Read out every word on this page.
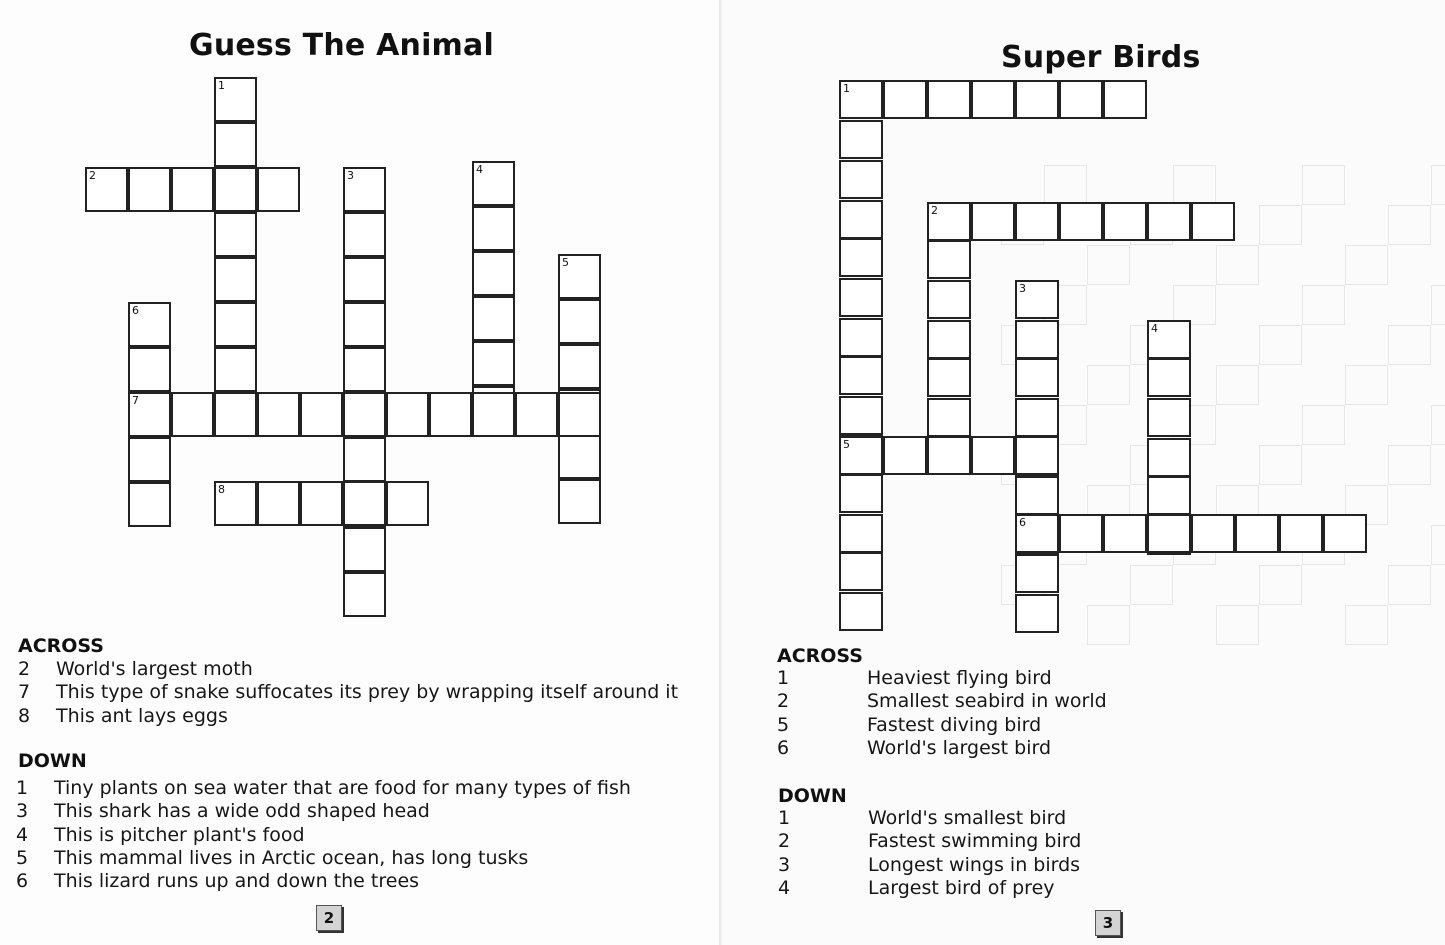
Guess The Animal
1
2	3	4
5
6
7
8
ACROSS
2 World's largest moth
7 This type of snake suffocates its prey by wrapping itself around it
8 This ant lays eggs
DOWN
1 Tiny plants on sea water that are food for many types of fish
3 This shark has a wide odd shaped head
4 This is pitcher plant's food
5 This mammal lives in Arctic ocean, has long tusks
6 This lizard runs up and down the trees
2
Super Birds
1
2
3
4
5
6
ACROSS
1	Heaviest flying bird
2	Smallest seabird in world
5	Fastest diving bird
6	World's largest bird
DOWN
1	World's smallest bird
2	Fastest swimming bird
3	Longest wings in birds
4	Largest bird of prey
3
